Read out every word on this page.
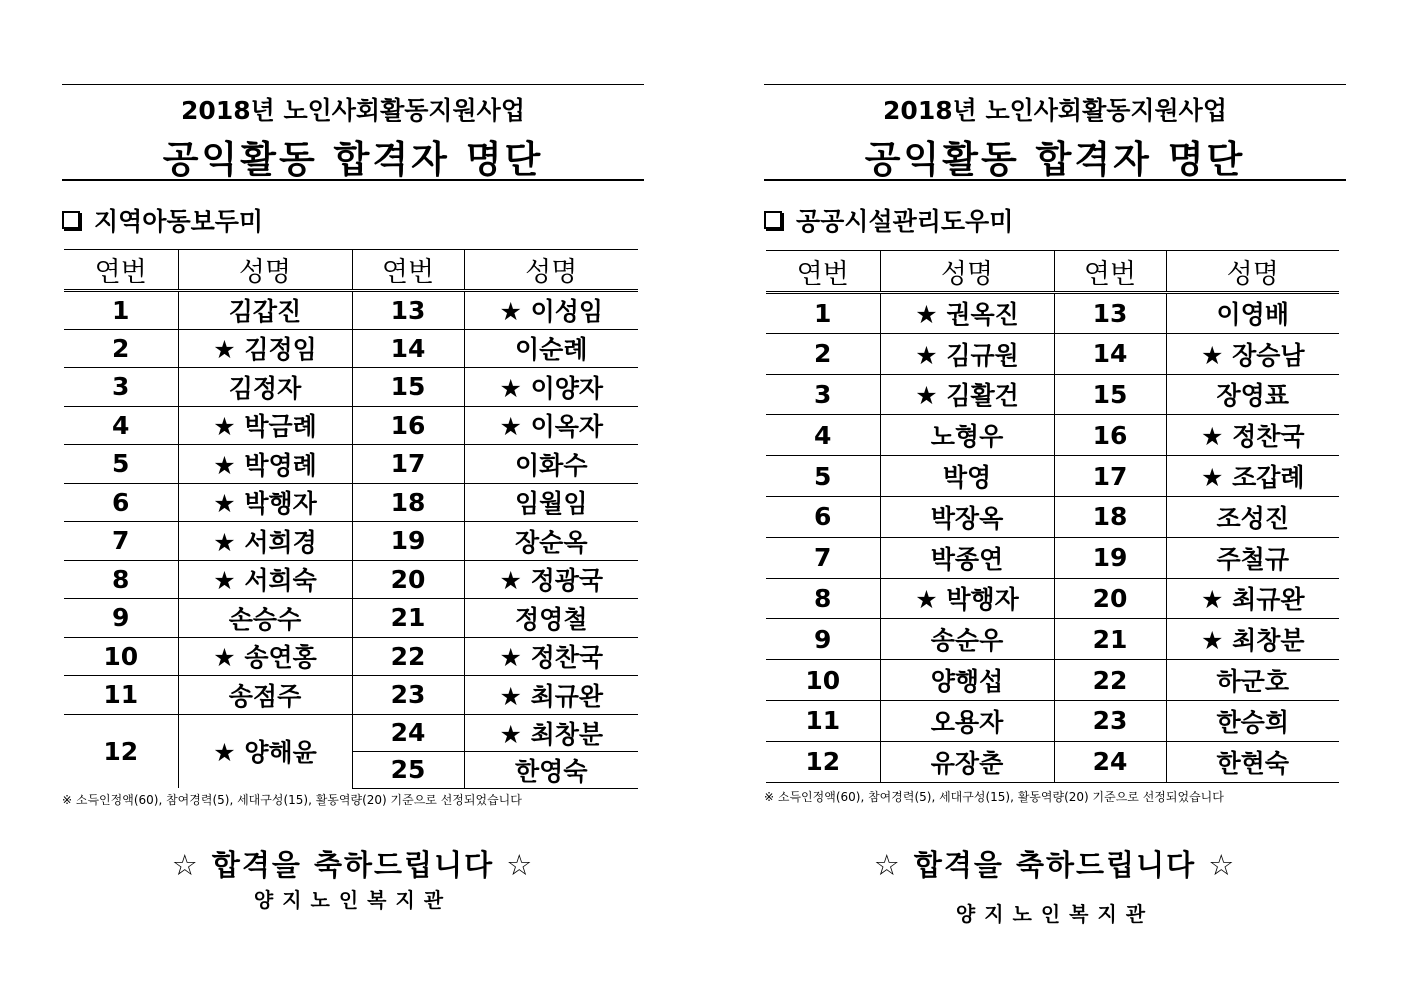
2018년 노인사회활동지원사업
공익활동 합격자 명단
지역아동보두미
연번	성명	연번	성명
1	김갑진	13	★ 이성임
2	★ 김정임	14	이순례
3	김정자	15	★ 이양자
4	★ 박금례	16	★ 이옥자
5	★ 박영례	17	이화수
6	★ 박행자	18	임월임
7	★ 서희경	19	장순옥
8	★ 서희숙	20	★ 정광국
9	손승수	21	정영철
10	★ 송연홍	22	★ 정찬국
11	송점주	23	★ 최규완
12	★ 양해윤	24	★ 최창분
		25	한영숙
※ 소득인정액(60), 참여경력(5), 세대구성(15), 활동역량(20) 기준으로 선정되었습니다
☆ 합격을 축하드립니다 ☆
양지노인복지관
2018년 노인사회활동지원사업
공익활동 합격자 명단
공공시설관리도우미
연번	성명	연번	성명
1	★ 권옥진	13	이영배
2	★ 김규원	14	★ 장승남
3	★ 김활건	15	장영표
4	노형우	16	★ 정찬국
5	박영	17	★ 조갑례
6	박장옥	18	조성진
7	박종연	19	주철규
8	★ 박행자	20	★ 최규완
9	송순우	21	★ 최창분
10	양행섭	22	하군호
11	오용자	23	한승희
12	유장춘	24	한현숙
※ 소득인정액(60), 참여경력(5), 세대구성(15), 활동역량(20) 기준으로 선정되었습니다
☆ 합격을 축하드립니다 ☆
양지노인복지관
